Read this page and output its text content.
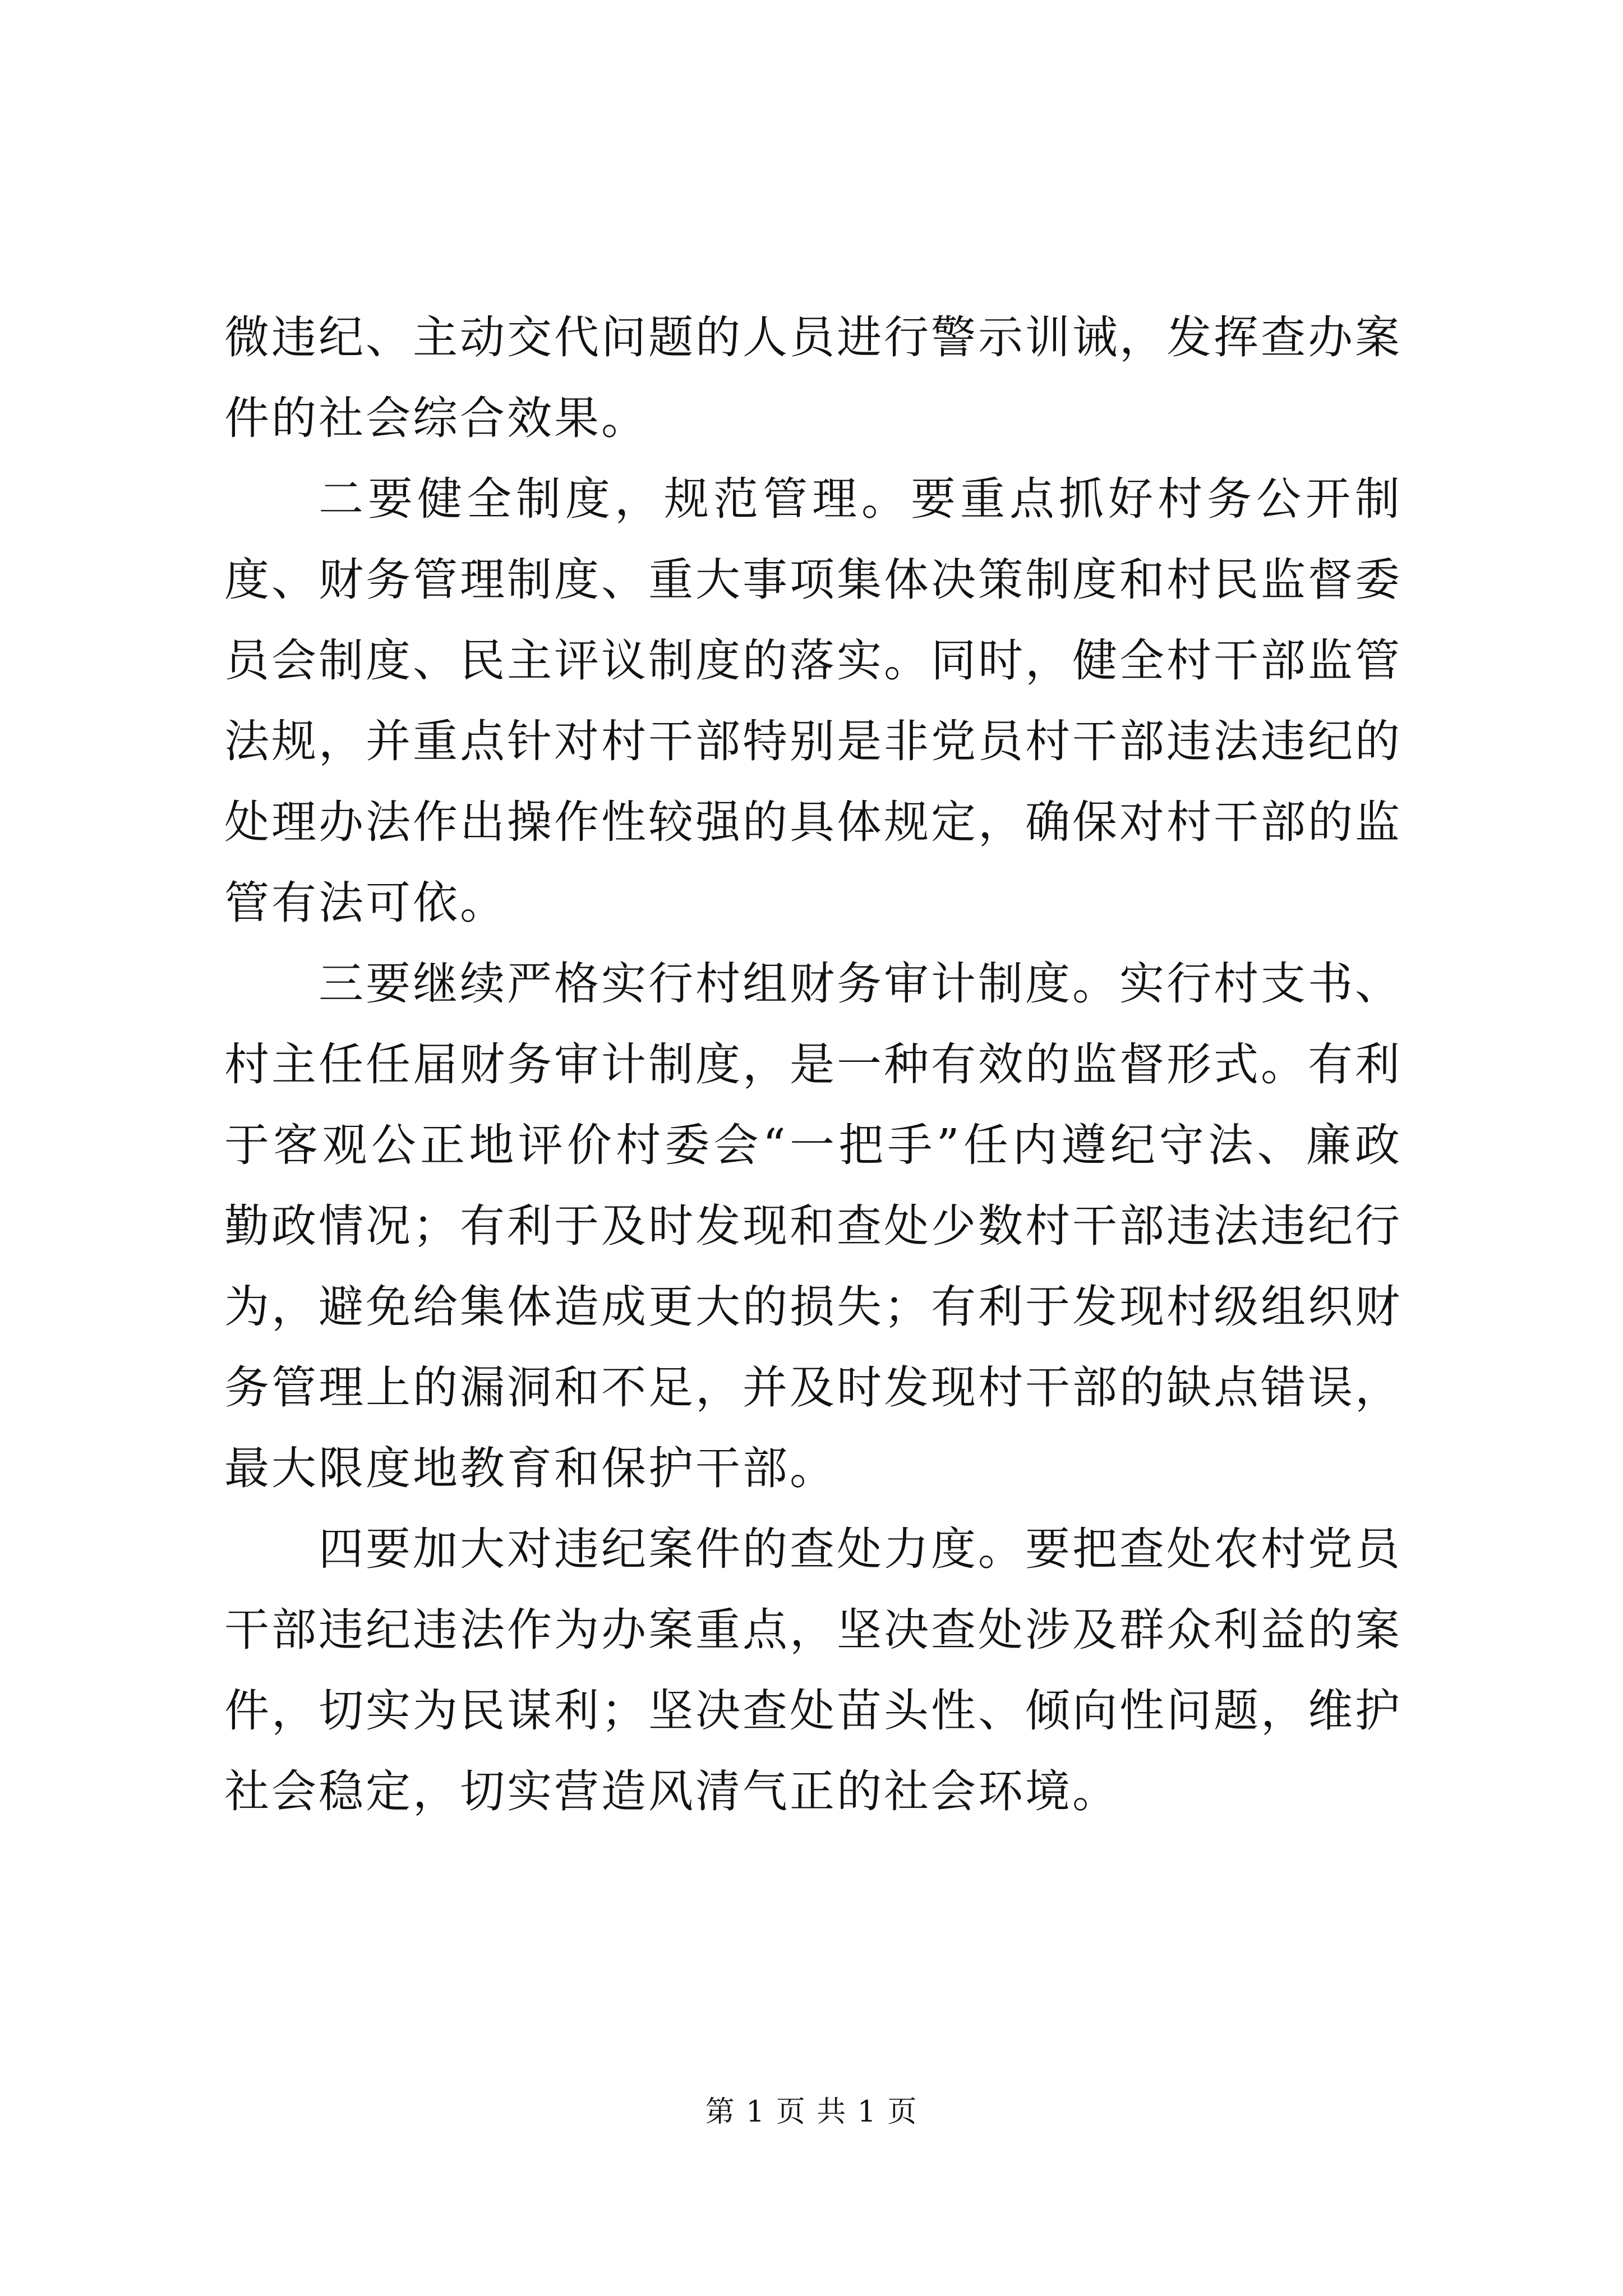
微违纪、主动交代问题的人员进行警示训诫，发挥查办案件的社会综合效果。

二要健全制度，规范管理。要重点抓好村务公开制度、财务管理制度、重大事项集体决策制度和村民监督委员会制度、民主评议制度的落实。同时，健全村干部监管法规，并重点针对村干部特别是非党员村干部违法违纪的处理办法作出操作性较强的具体规定，确保对村干部的监管有法可依。

三要继续严格实行村组财务审计制度。实行村支书、村主任任届财务审计制度，是一种有效的监督形式。有利于客观公正地评价村委会“一把手”任内遵纪守法、廉政勤政情况；有利于及时发现和查处少数村干部违法违纪行为，避免给集体造成更大的损失；有利于发现村级组织财务管理上的漏洞和不足，并及时发现村干部的缺点错误，最大限度地教育和保护干部。

四要加大对违纪案件的查处力度。要把查处农村党员干部违纪违法作为办案重点，坚决查处涉及群众利益的案件，切实为民谋利；坚决查处苗头性、倾向性问题，维护社会稳定，切实营造风清气正的社会环境。

第 1 页 共 1 页
